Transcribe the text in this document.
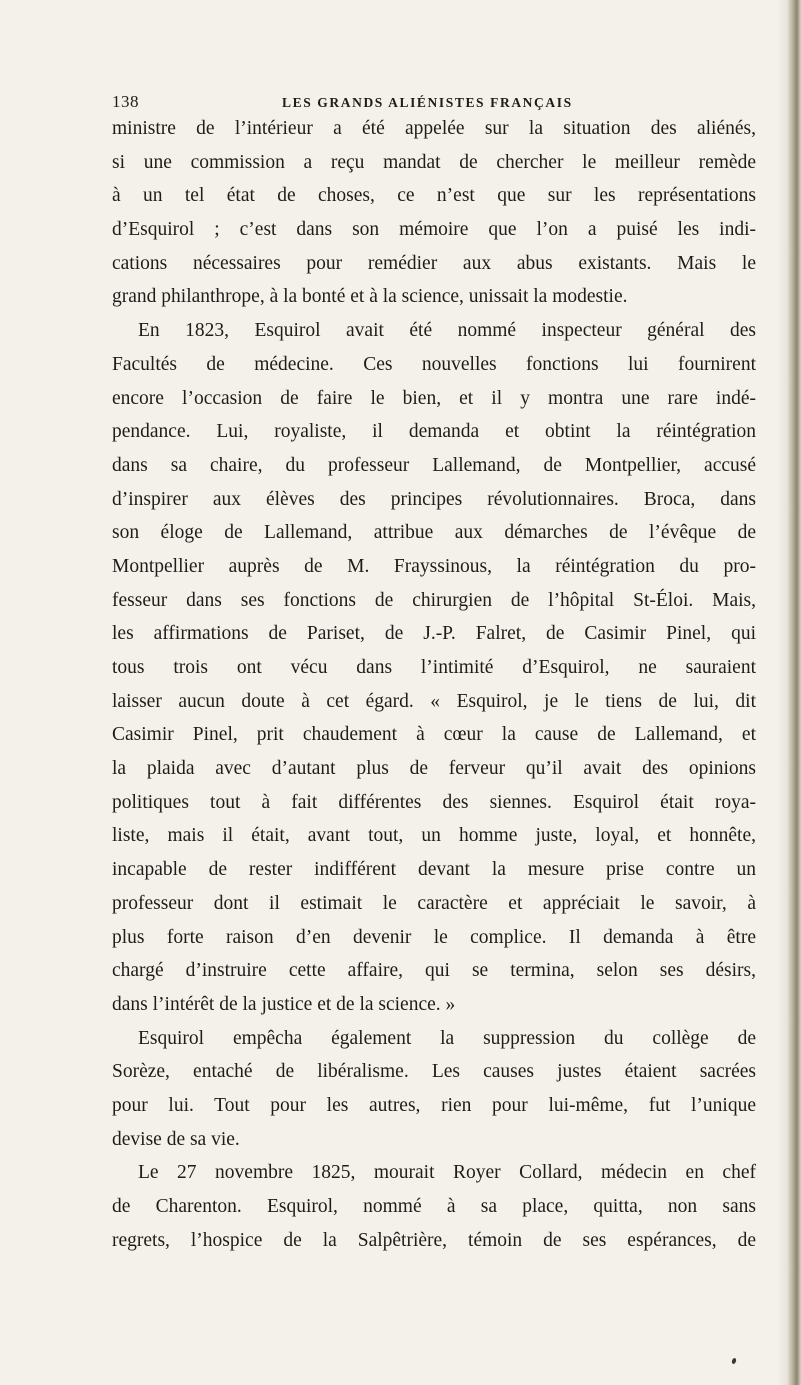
138	LES GRANDS ALIÉNISTES FRANÇAIS
ministre de l’intérieur a été appelée sur la situation des aliénés,
si une commission a reçu mandat de chercher le meilleur remède
à un tel état de choses, ce n’est que sur les représentations
d’Esquirol ; c’est dans son mémoire que l’on a puisé les indi-
cations nécessaires pour remédier aux abus existants. Mais le
grand philanthrope, à la bonté et à la science, unissait la modestie.
En 1823, Esquirol avait été nommé inspecteur général des
Facultés de médecine. Ces nouvelles fonctions lui fournirent
encore l’occasion de faire le bien, et il y montra une rare indé-
pendance. Lui, royaliste, il demanda et obtint la réintégration
dans sa chaire, du professeur Lallemand, de Montpellier, accusé
d’inspirer aux élèves des principes révolutionnaires. Broca, dans
son éloge de Lallemand, attribue aux démarches de l’évêque de
Montpellier auprès de M. Frayssinous, la réintégration du pro-
fesseur dans ses fonctions de chirurgien de l’hôpital St-Éloi. Mais,
les affirmations de Pariset, de J.-P. Falret, de Casimir Pinel, qui
tous trois ont vécu dans l’intimité d’Esquirol, ne sauraient
laisser aucun doute à cet égard. « Esquirol, je le tiens de lui, dit
Casimir Pinel, prit chaudement à cœur la cause de Lallemand, et
la plaida avec d’autant plus de ferveur qu’il avait des opinions
politiques tout à fait différentes des siennes. Esquirol était roya-
liste, mais il était, avant tout, un homme juste, loyal, et honnête,
incapable de rester indifférent devant la mesure prise contre un
professeur dont il estimait le caractère et appréciait le savoir, à
plus forte raison d’en devenir le complice. Il demanda à être
chargé d’instruire cette affaire, qui se termina, selon ses désirs,
dans l’intérêt de la justice et de la science. »
Esquirol empêcha également la suppression du collège de
Sorèze, entaché de libéralisme. Les causes justes étaient sacrées
pour lui. Tout pour les autres, rien pour lui-même, fut l’unique
devise de sa vie.
Le 27 novembre 1825, mourait Royer Collard, médecin en chef
de Charenton. Esquirol, nommé à sa place, quitta, non sans
regrets, l’hospice de la Salpêtrière, témoin de ses espérances, de
